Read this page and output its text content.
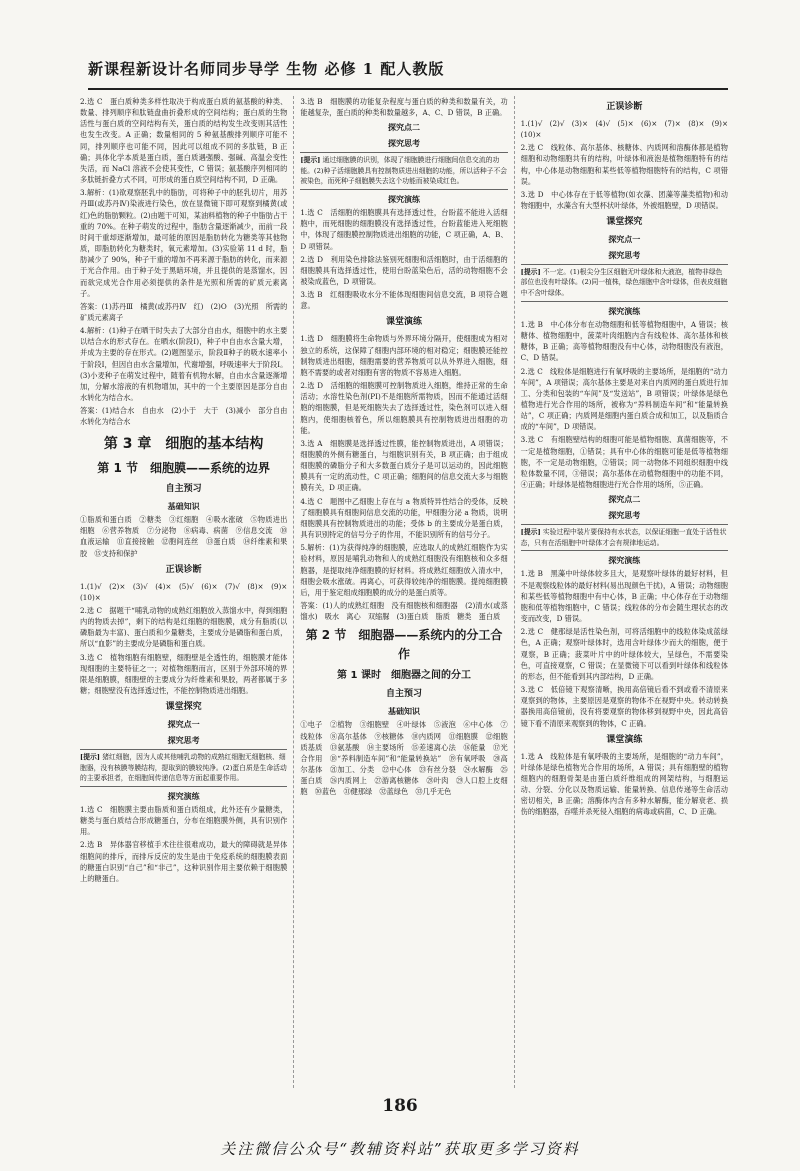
新课程新设计名师同步导学 生物 必修 1 配人教版
2.选 C　蛋白质种类多样性取决于构成蛋白质的氨基酸的种类、数量、排列顺序和肽链盘曲折叠形成的空间结构；蛋白质的生物活性与蛋白质的空间结构有关，蛋白质的结构发生改变则其活性也发生改变。A 正确；数量相同的 5 种氨基酸排列顺序可能不同，排列顺序也可能不同，因此可以组成不同的多肽链，B 正确；具体化学本质是蛋白质，蛋白质遇强酸、强碱、高温会变性失活，而 NaCl 溶液不会使其变性，C 错误；氨基酸序列相同的多肽链折叠方式不同，可形成的蛋白质空间结构不同，D 正确。
3.解析：(1)欲观察胚乳中的脂肪，可将种子中的胚乳切片，用苏丹Ⅲ(或苏丹Ⅳ)染液进行染色，放在显微镜下即可观察到橘黄(或红)色的脂肪颗粒。(2)由题干可知，某油料植物的种子中脂肪占干重的 70%。在种子萌发的过程中，脂肪含量逐渐减少，而前一段时间干重却逐渐增加，最可能的原因是脂肪转化为糖类等其他物质，即脂肪转化为糖类时，氧元素增加。(3)实验第 11 d 时，脂肪减少了 90%，种子干重的增加不再来源于脂肪的转化，而来源于光合作用。由于种子处于黑暗环境，并且提供的是蒸馏水，因而欲完成光合作用必须提供的条件是光照和所需的矿质元素离子。
答案：(1)苏丹Ⅲ　橘黄(或苏丹Ⅳ　红)　(2)O　(3)光照　所需的矿质元素离子
4.解析：(1)种子在晒干时失去了大部分自由水，细胞中的水主要以结合水的形式存在。在晒水(阶段Ⅰ)，种子中自由水含量大增，并成为主要的存在形式。(2)题图显示，阶段Ⅱ种子的吸水速率小于阶段Ⅰ，但因自由水含量增加，代谢增强，呼吸速率大于阶段Ⅰ。(3)小麦种子在萌发过程中，随着有机物水解，自由水含量逐渐增加，分解水溶液的有机物增加，其中的一个主要原因是部分自由水转化为结合水。
答案：(1)结合水　自由水　(2)小于　大于　(3)减小　部分自由水转化为结合水
第 3 章　细胞的基本结构
第 1 节　细胞膜——系统的边界
自主预习
基础知识
①脂质和蛋白质　②糖类　③红细胞　④吸水涨破　⑤物质进出细胞　⑥营养物质　⑦分泌物　⑧病毒、病菌　⑨信息交流　⑩血液运输　⑪直接接触　⑫胞间连丝　⑬蛋白质　⑭纤维素和果胶　⑮支持和保护
正误诊断
1.(1)√　(2)×　(3)√　(4)×　(5)√　(6)×　(7)√　(8)×　(9)×　(10)×
2.选 C　据题干“哺乳动物的成熟红细胞放入蒸馏水中，得到细胞内的物质去掉”，剩下的结构是红细胞的细胞膜，成分有脂质(以磷脂最为丰富)、蛋白质和少量糖类，主要成分是磷脂和蛋白质，所以“血影”的主要成分是磷脂和蛋白质。
3.选 C　植物细胞有细胞壁，细胞壁是全透性的，细胞膜才能体现细胞的主要特征之一；对植物细胞而言，区别于外部环境的界限是细胞膜，细胞壁的主要成分为纤维素和果胶，两者都属于多糖；细胞壁没有选择透过性，不能控制物质进出细胞。
课堂探究
探究点一
探究思考
[提示] 猪红细胞，因为人或其他哺乳动物的成熟红细胞无细胞核、细胞器，没有核膜等膜结构，提取到的膜较纯净。(2)蛋白质是生命活动的主要承担者，在细胞间传递信息等方面起重要作用。
探究演练
1.选 C　细胞膜主要由脂质和蛋白质组成，此外还有少量糖类，糖类与蛋白质结合形成糖蛋白，分布在细胞膜外侧，具有识别作用。
2.选 B　异体器官移植手术往往很难成功，最大的障碍就是异体细胞间的排斥，而排斥反应的发生是由于免疫系统的细胞膜表面的糖蛋白识别“自己”和“非己”，这种识别作用主要依赖于细胞膜上的糖蛋白。
3.选 B　细胞膜的功能复杂程度与蛋白质的种类和数量有关，功能越复杂，蛋白质的种类和数量越多，A、C、D 错误，B 正确。
探究点二
探究思考
[提示] 通过细胞膜的识别，体现了细胞膜进行细胞间信息交流的功能。(2)种子活细胞膜具有控制物质进出细胞的功能，所以活种子不会被染色，而死种子细胞膜失去这个功能而被染成红色。
探究演练
1.选 C　活细胞的细胞膜具有选择透过性，台盼蓝不能进入活细胞中，而死细胞的细胞膜没有选择透过性，台盼蓝能进入死细胞中，体现了细胞膜控制物质进出细胞的功能，C 项正确，A、B、D 项错误。
2.选 D　利用染色排除法鉴别死细胞和活细胞时，由于活细胞的细胞膜具有选择透过性，使用台盼蓝染色后，活的动物细胞不会被染成蓝色，D 项错误。
3.选 B　红细胞吸收水分不能体现细胞间信息交流，B 项符合题意。
课堂演练
1.选 D　细胞膜将生命物质与外界环境分隔开，使细胞成为相对独立的系统，这保障了细胞内部环境的相对稳定；细胞膜还能控制物质进出细胞，细胞需要的营养物质可以从外界进入细胞，细胞不需要的或者对细胞有害的物质不容易进入细胞。
2.选 D　活细胞的细胞膜可控制物质进入细胞，维持正常的生命活动；水溶性染色剂(PI)不是细胞所需物质，因而不能通过活细胞的细胞膜，但是死细胞失去了选择透过性，染色剂可以进入细胞内，使细胞核着色，所以细胞膜具有控制物质进出细胞的功能。
3.选 A　细胞膜是选择透过性膜，能控制物质进出，A 项错误；细胞膜的外侧有糖蛋白，与细胞识别有关，B 项正确；由于组成细胞膜的磷脂分子和大多数蛋白质分子是可以运动的，因此细胞膜具有一定的流动性，C 项正确；细胞间的信息交流大多与细胞膜有关，D 项正确。
4.选 C　题图中乙细胞上存在与 a 物质特异性结合的受体，反映了细胞膜具有细胞间信息交流的功能，甲细胞分泌 a 物质，说明细胞膜具有控制物质进出的功能；受体 b 的主要成分是蛋白质，具有识别特定的信号分子的作用，不能识别所有的信号分子。
5.解析：(1)为获得纯净的细胞膜，应选取人的成熟红细胞作为实验材料，原因是哺乳动物和人的成熟红细胞没有细胞核和众多细胞器，是提取纯净细胞膜的好材料。将成熟红细胞放入清水中，细胞会吸水涨破。再离心，可获得较纯净的细胞膜。提纯细胞膜后，用于鉴定组成细胞膜的成分的是蛋白质等。
答案：(1)人的成熟红细胞　没有细胞核和细胞器　(2)清水(或蒸馏水)　吸水　离心　双缩脲　(3)蛋白质　脂质　糖类　蛋白质
第 2 节　细胞器——系统内的分工合作
第 1 课时　细胞器之间的分工
自主预习
基础知识
①电子　②植物　③细胞壁　④叶绿体　⑤液泡　⑥中心体　⑦线粒体　⑧高尔基体　⑨核糖体　⑩内质网　⑪细胞膜　⑫细胞质基质　⑬氨基酸　⑭主要场所　⑮差速离心法　⑯能量　⑰光合作用　⑱“养料制造车间”和“能量转换站”　⑲有氧呼吸　⑳高尔基体　㉑加工、分类　㉒中心体　㉓有丝分裂　㉔水解酶　㉕蛋白质　㉖内质网上　㉗游离核糖体　㉘叶肉　㉙人口腔上皮细胞　㉚蓝色　㉛健那绿　㉜蓝绿色　㉝几乎无色
正误诊断
1.(1)√　(2)√　(3)×　(4)√　(5)×　(6)×　(7)×　(8)×　(9)×　(10)×
2.选 C　线粒体、高尔基体、核糖体、内质网和溶酶体都是植物细胞和动物细胞共有的结构，叶绿体和液泡是植物细胞特有的结构，中心体是动物细胞和某些低等植物细胞特有的结构，C 项错误。
3.选 D　中心体存在于低等植物(如衣藻、团藻等藻类植物)和动物细胞中，水藻含有大型杯状叶绿体，外被细胞壁，D 项错误。
课堂探究
探究点一
探究思考
[提示] 不一定。(1)根尖分生区细胞无叶绿体和大液泡，植物非绿色部位也没有叶绿体。(2)同一植株，绿色细胞中含叶绿体，但表皮细胞中不含叶绿体。
探究演练
1.选 B　中心体分布在动物细胞和低等植物细胞中，A 错误；核糖体、植物细胞中，菠菜叶肉细胞内含有线粒体、高尔基体和核糖体，B 正确；高等植物细胞没有中心体，动物细胞没有液泡，C、D 错误。
2.选 C　线粒体是细胞进行有氧呼吸的主要场所，是细胞的“动力车间”，A 项错误；高尔基体主要是对来自内质网的蛋白质进行加工、分类和包装的“车间”及“发送站”，B 项错误；叶绿体是绿色植物进行光合作用的场所，被称为“养料制造车间”和“能量转换站”，C 项正确；内质网是细胞内蛋白质合成和加工，以及脂质合成的“车间”，D 项错误。
3.选 C　有细胞壁结构的细胞可能是植物细胞、真菌细胞等，不一定是植物细胞，①错误；具有中心体的细胞可能是低等植物细胞，不一定是动物细胞，②错误；同一动物体不同组织细胞中线粒体数量不同，③错误；高尔基体在动植物细胞中的功能不同，④正确；叶绿体是植物细胞进行光合作用的场所，⑤正确。
探究点二
探究思考
[提示] 实验过程中装片要保持有水状态，以保证细胞一直处于活性状态，只有在活细胞中叶绿体才会有规律地运动。
探究演练
1.选 B　黑藻中叶绿体较多且大，是观察叶绿体的最好材料，但不是观察线粒体的最好材料(易出现颜色干扰)，A 错误；动物细胞和某些低等植物细胞中有中心体，B 正确；中心体存在于动物细胞和低等植物细胞中，C 错误；线粒体的分布会随生理状态的改变而改变，D 错误。
2.选 C　健那绿是活性染色剂，可将活细胞中的线粒体染成蓝绿色，A 正确；观察叶绿体时，选用含叶绿体少而大的细胞，便于观察，B 正确；菠菜叶片中的叶绿体较大，呈绿色，不需要染色，可直接观察，C 错误；在显微镜下可以看到叶绿体和线粒体的形态，但不能看到其内部结构，D 正确。
3.选 C　低倍镜下观察清晰，换用高倍镜后看不到或看不清原来观察到的物体，主要原因是观察的物体不在视野中央。转动转换器换用高倍镜前，没有将要观察的物体移到视野中央，因此高倍镜下看不清原来观察到的物体，C 正确。
课堂演练
1.选 A　线粒体是有氧呼吸的主要场所，是细胞的“动力车间”，叶绿体是绿色植物光合作用的场所，A 错误；具有细胞壁的植物细胞内的细胞骨架是由蛋白质纤维组成的网架结构，与细胞运动、分裂、分化以及物质运输、能量转换、信息传递等生命活动密切相关，B 正确；溶酶体内含有多种水解酶，能分解衰老、损伤的细胞器，吞噬并杀死侵入细胞的病毒或病菌，C、D 正确。
186
关注微信公众号“教辅资料站”获取更多学习资料
